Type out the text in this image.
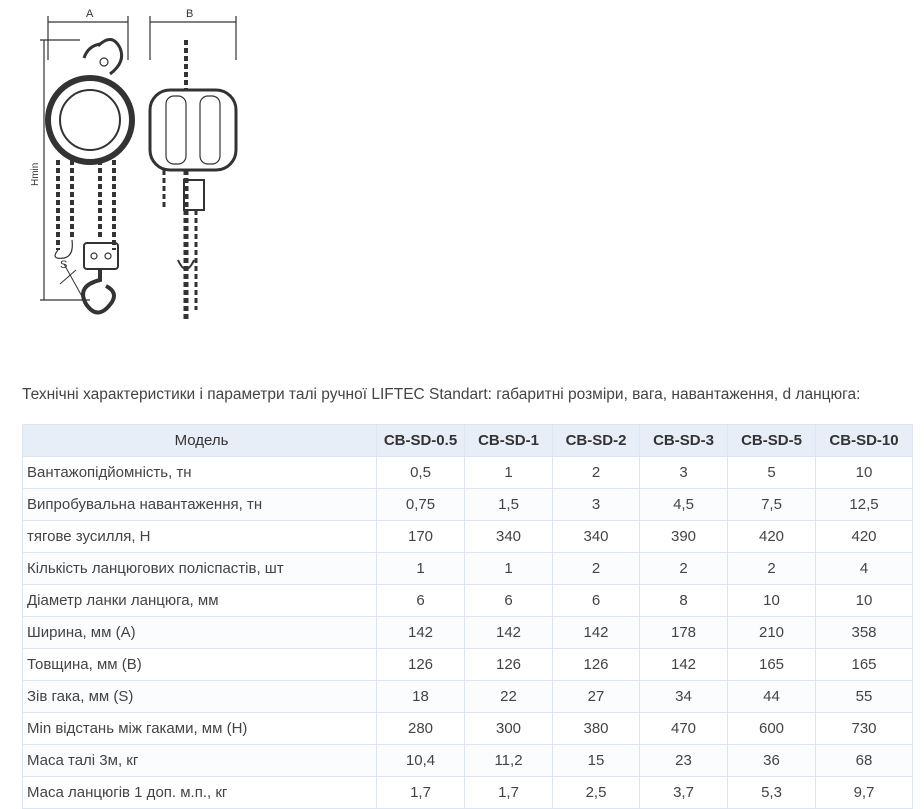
A	B
Hmin
S
Технічні характеристики і параметри талі ручної LIFTEC Standart: габаритні розміри, вага, навантаження, d ланцюга:
Модель	CB-SD-0.5	CB-SD-1	CB-SD-2	CB-SD-3	CB-SD-5	CB-SD-10
Вантажопідйомність, тн	0,5	1	2	3	5	10
Випробувальна навантаження, тн	0,75	1,5	3	4,5	7,5	12,5
тягове зусилля, Н	170	340	340	390	420	420
Кількість ланцюгових поліспастів, шт	1	1	2	2	2	4
Діаметр ланки ланцюга, мм	6	6	6	8	10	10
Ширина, мм (A)	142	142	142	178	210	358
Товщина, мм (B)	126	126	126	142	165	165
Зів гака, мм (S)	18	22	27	34	44	55
Min відстань між гаками, мм (H)	280	300	380	470	600	730
Маса талі 3м, кг	10,4	11,2	15	23	36	68
Маса ланцюгів 1 доп. м.п., кг	1,7	1,7	2,5	3,7	5,3	9,7
